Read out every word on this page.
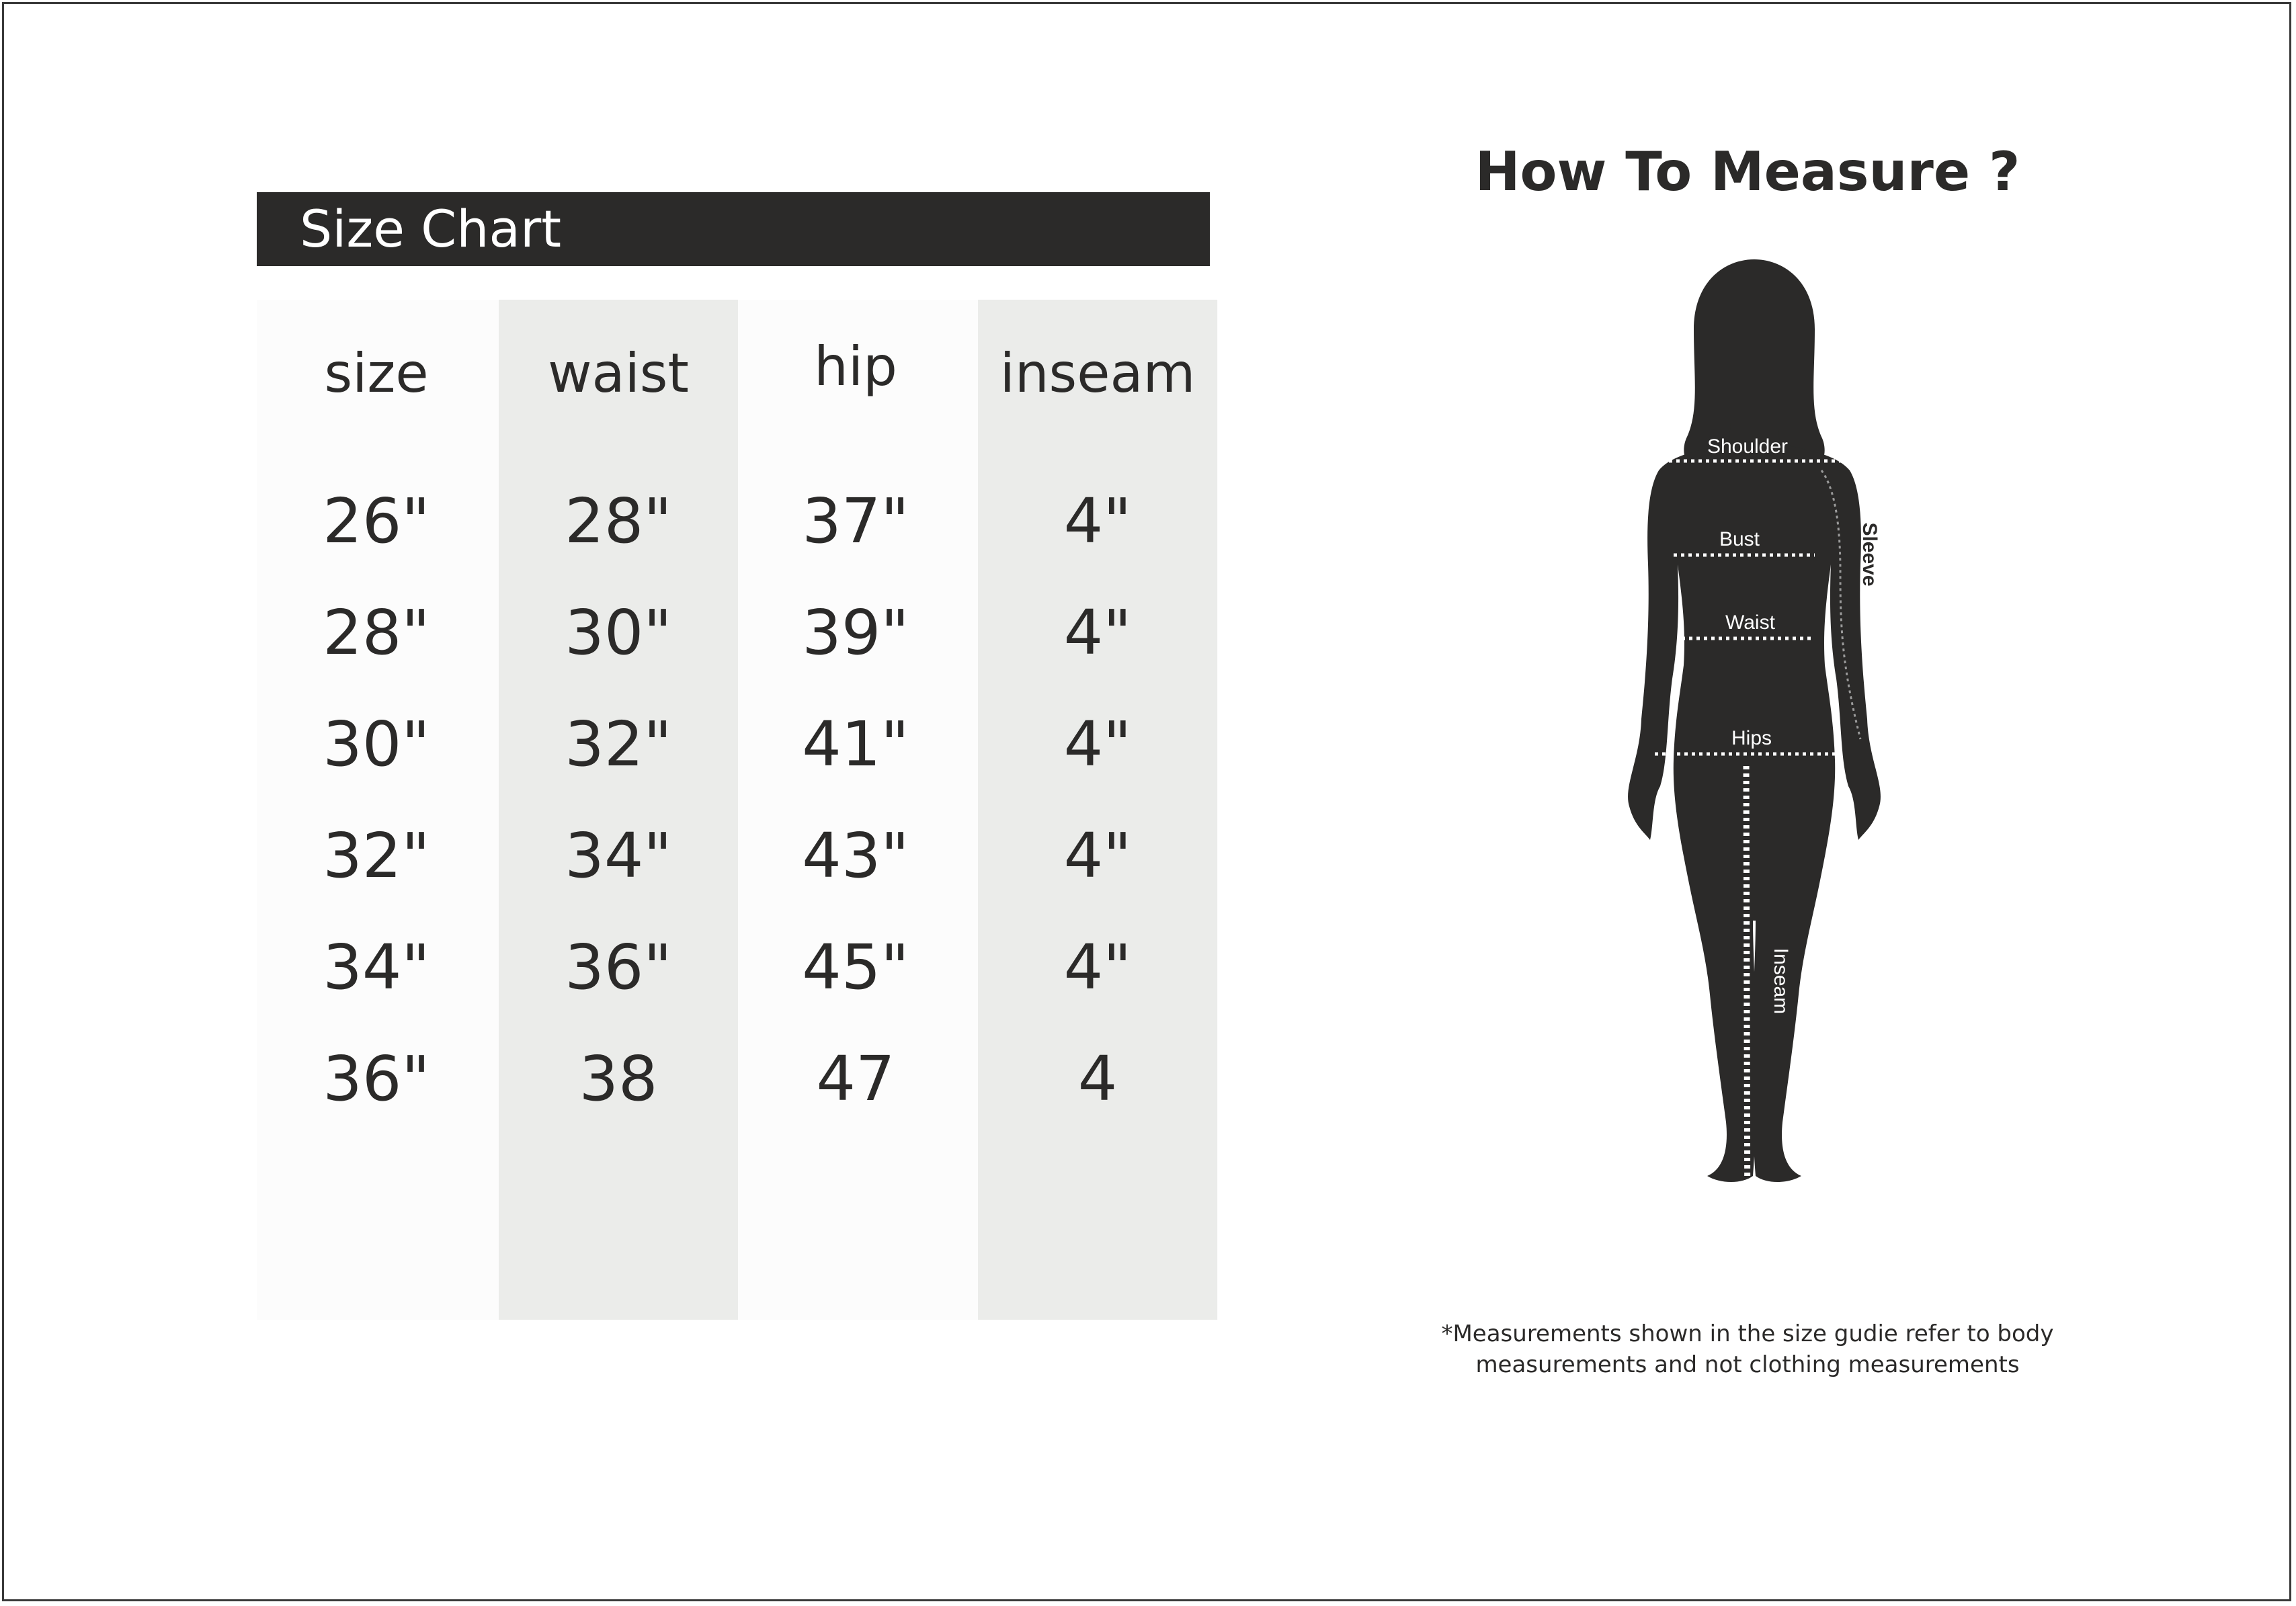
Size Chart
size
26"
28"
30"
32"
34"
36"
waist
28"
30"
32"
34"
36"
38
hip
37"
39"
41"
43"
45"
47
inseam
4"
4"
4"
4"
4"
4
How To Measure ?
Shoulder
Bust
Waist
Hips
Sleeve
Inseam
*Measurements shown in the size gudie refer to body
measurements and not clothing measurements
